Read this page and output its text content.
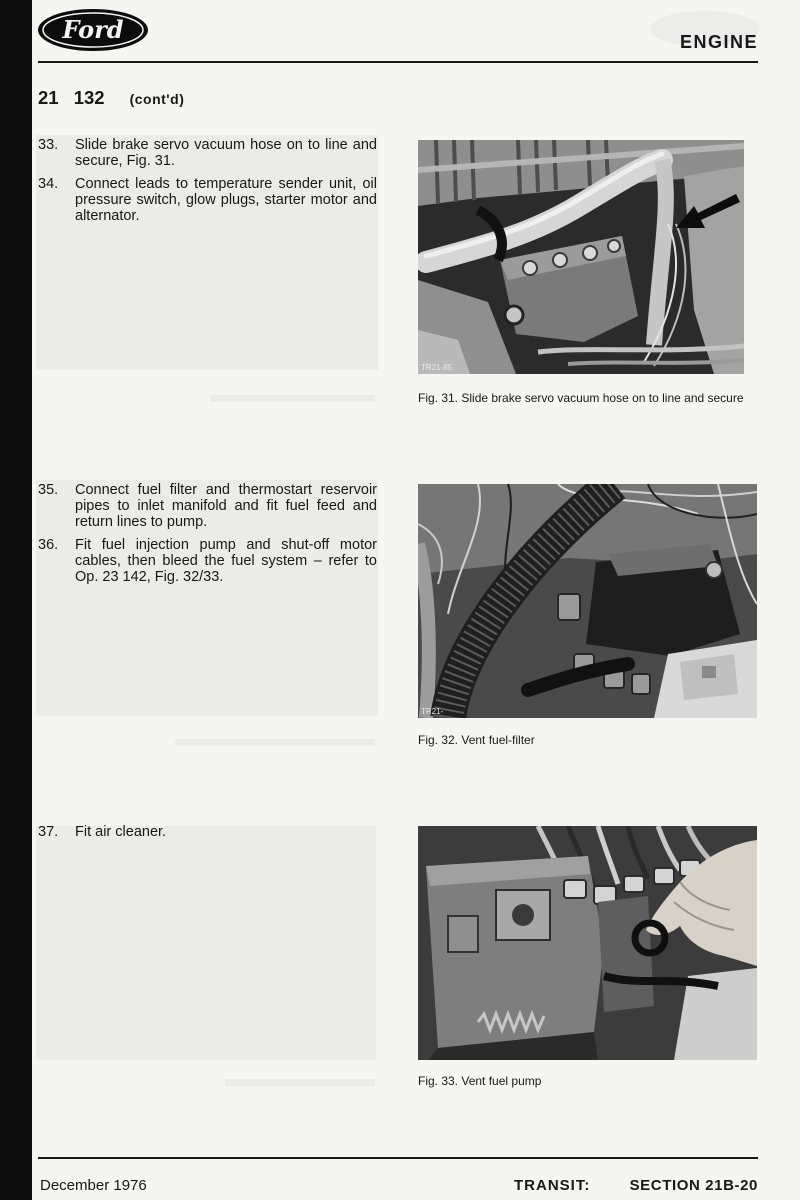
Ford	ENGINE
21 132 (cont'd)
33.	Slide brake servo vacuum hose on to line and secure, Fig. 31.
34.	Connect leads to temperature sender unit, oil pressure switch, glow plugs, starter motor and alternator.
35.	Connect fuel filter and thermostart reservoir pipes to inlet manifold and fit fuel feed and return lines to pump.
36.	Fit fuel injection pump and shut-off motor cables, then bleed the fuel system – refer to Op. 23 142, Fig. 32/33.
37.	Fit air cleaner.
TR21-85
Fig. 31. Slide brake servo vacuum hose on to line and secure
TR21-
Fig. 32. Vent fuel-filter
Fig. 33. Vent fuel pump
December 1976	TRANSIT:	SECTION 21B-20
